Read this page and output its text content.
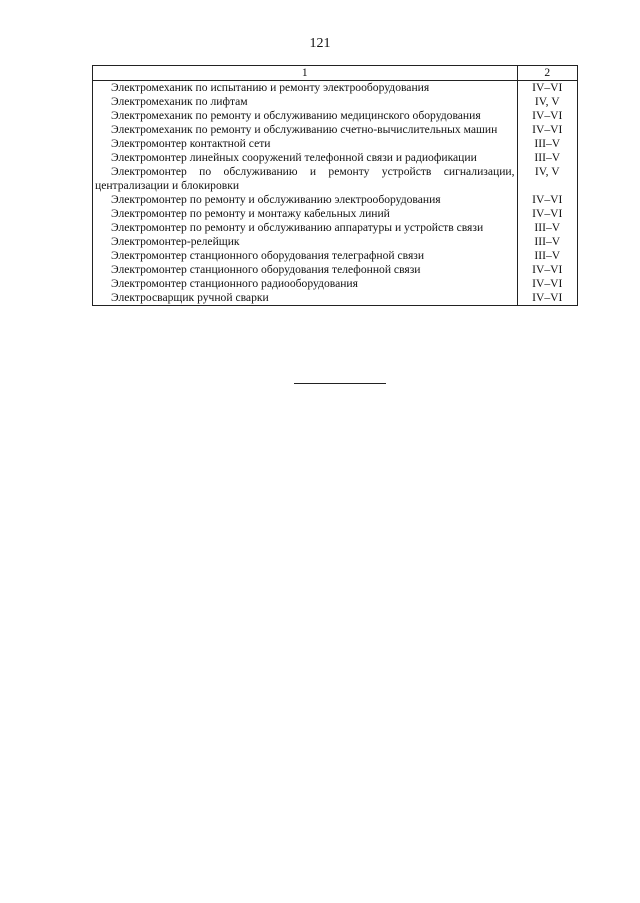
121
1	2
Электромеханик по испытанию и ремонту электрооборудования	IV–VI
Электромеханик по лифтам	IV, V
Электромеханик по ремонту и обслуживанию медицинского оборудования	IV–VI
Электромеханик по ремонту и обслуживанию счетно-вычислительных машин	IV–VI
Электромонтер контактной сети	III–V
Электромонтер линейных сооружений телефонной связи и радиофикации	III–V
Электромонтер по обслуживанию и ремонту устройств сигнализации, централизации и блокировки	IV, V
Электромонтер по ремонту и обслуживанию электрооборудования	IV–VI
Электромонтер по ремонту и монтажу кабельных линий	IV–VI
Электромонтер по ремонту и обслуживанию аппаратуры и устройств связи	III–V
Электромонтер-релейщик	III–V
Электромонтер станционного оборудования телеграфной связи	III–V
Электромонтер станционного оборудования телефонной связи	IV–VI
Электромонтер станционного радиооборудования	IV–VI
Электросварщик ручной сварки	IV–VI
